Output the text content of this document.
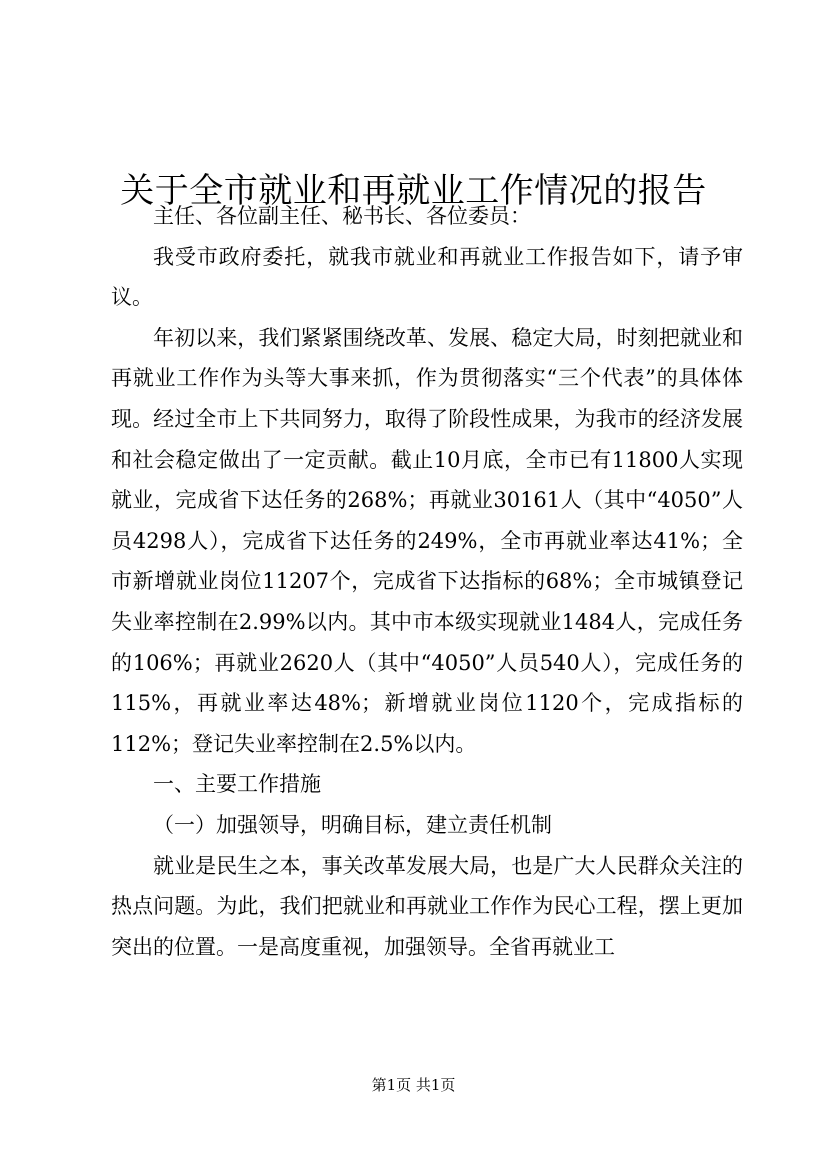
关于全市就业和再就业工作情况的报告

主任、各位副主任、秘书长、各位委员：

我受市政府委托，就我市就业和再就业工作报告如下，请予审议。

年初以来，我们紧紧围绕改革、发展、稳定大局，时刻把就业和再就业工作作为头等大事来抓，作为贯彻落实“三个代表”的具体体现。经过全市上下共同努力，取得了阶段性成果，为我市的经济发展和社会稳定做出了一定贡献。截止10月底，全市已有11800人实现就业，完成省下达任务的268%；再就业30161人（其中“4050”人员4298人），完成省下达任务的249%，全市再就业率达41%；全市新增就业岗位11207个，完成省下达指标的68%；全市城镇登记失业率控制在2.99%以内。其中市本级实现就业1484人，完成任务的106%；再就业2620人（其中“4050”人员540人），完成任务的115%，再就业率达48%；新增就业岗位1120个，完成指标的112%；登记失业率控制在2.5%以内。

一、主要工作措施

（一）加强领导，明确目标，建立责任机制

就业是民生之本，事关改革发展大局，也是广大人民群众关注的热点问题。为此，我们把就业和再就业工作作为民心工程，摆上更加突出的位置。一是高度重视，加强领导。全省再就业工

第1页 共1页
